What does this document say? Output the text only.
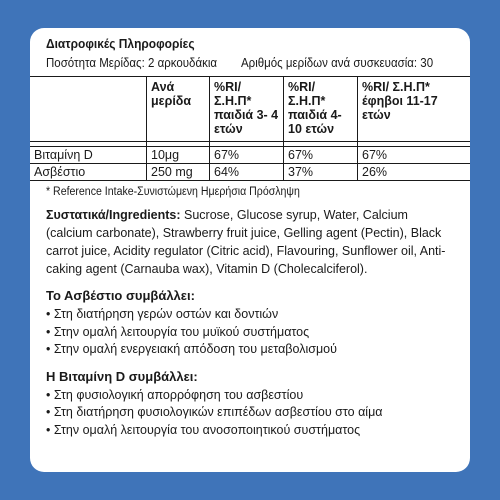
Διατροφικές Πληροφορίες
Ποσότητα Μερίδας: 2 αρκουδάκια Αριθμός μερίδων ανά συσκευασία: 30
	Ανά μερίδα	%RI/ Σ.Η.Π* παιδιά 3- 4 ετών	%RI/ Σ.Η.Π* παιδιά 4-10 ετών	%RI/ Σ.Η.Π* έφηβοι 11-17 ετών

Βιταμίνη D	10μg	67%	67%	67%
Ασβέστιο	250 mg	64%	37%	26%
* Reference Intake-Συνιστώμενη Ημερήσια Πρόσληψη

Συστατικά/Ingredients: Sucrose, Glucose syrup, Water, Calcium (calcium carbonate), Strawberry fruit juice, Gelling agent (Pectin), Black carrot juice, Acidity regulator (Citric acid), Flavouring, Sunflower oil, Anti-caking agent (Carnauba wax), Vitamin D (Cholecalciferol).

Το Ασβέστιο συμβάλλει:
• Στη διατήρηση γερών οστών και δοντιών
• Στην ομαλή λειτουργία του μυϊκού συστήματος
• Στην ομαλή ενεργειακή απόδοση του μεταβολισμού
Η Βιταμίνη D συμβάλλει:
• Στη φυσιολογική απορρόφηση του ασβεστίου
• Στη διατήρηση φυσιολογικών επιπέδων ασβεστίου στο αίμα
• Στην ομαλή λειτουργία του ανοσοποιητικού συστήματος
